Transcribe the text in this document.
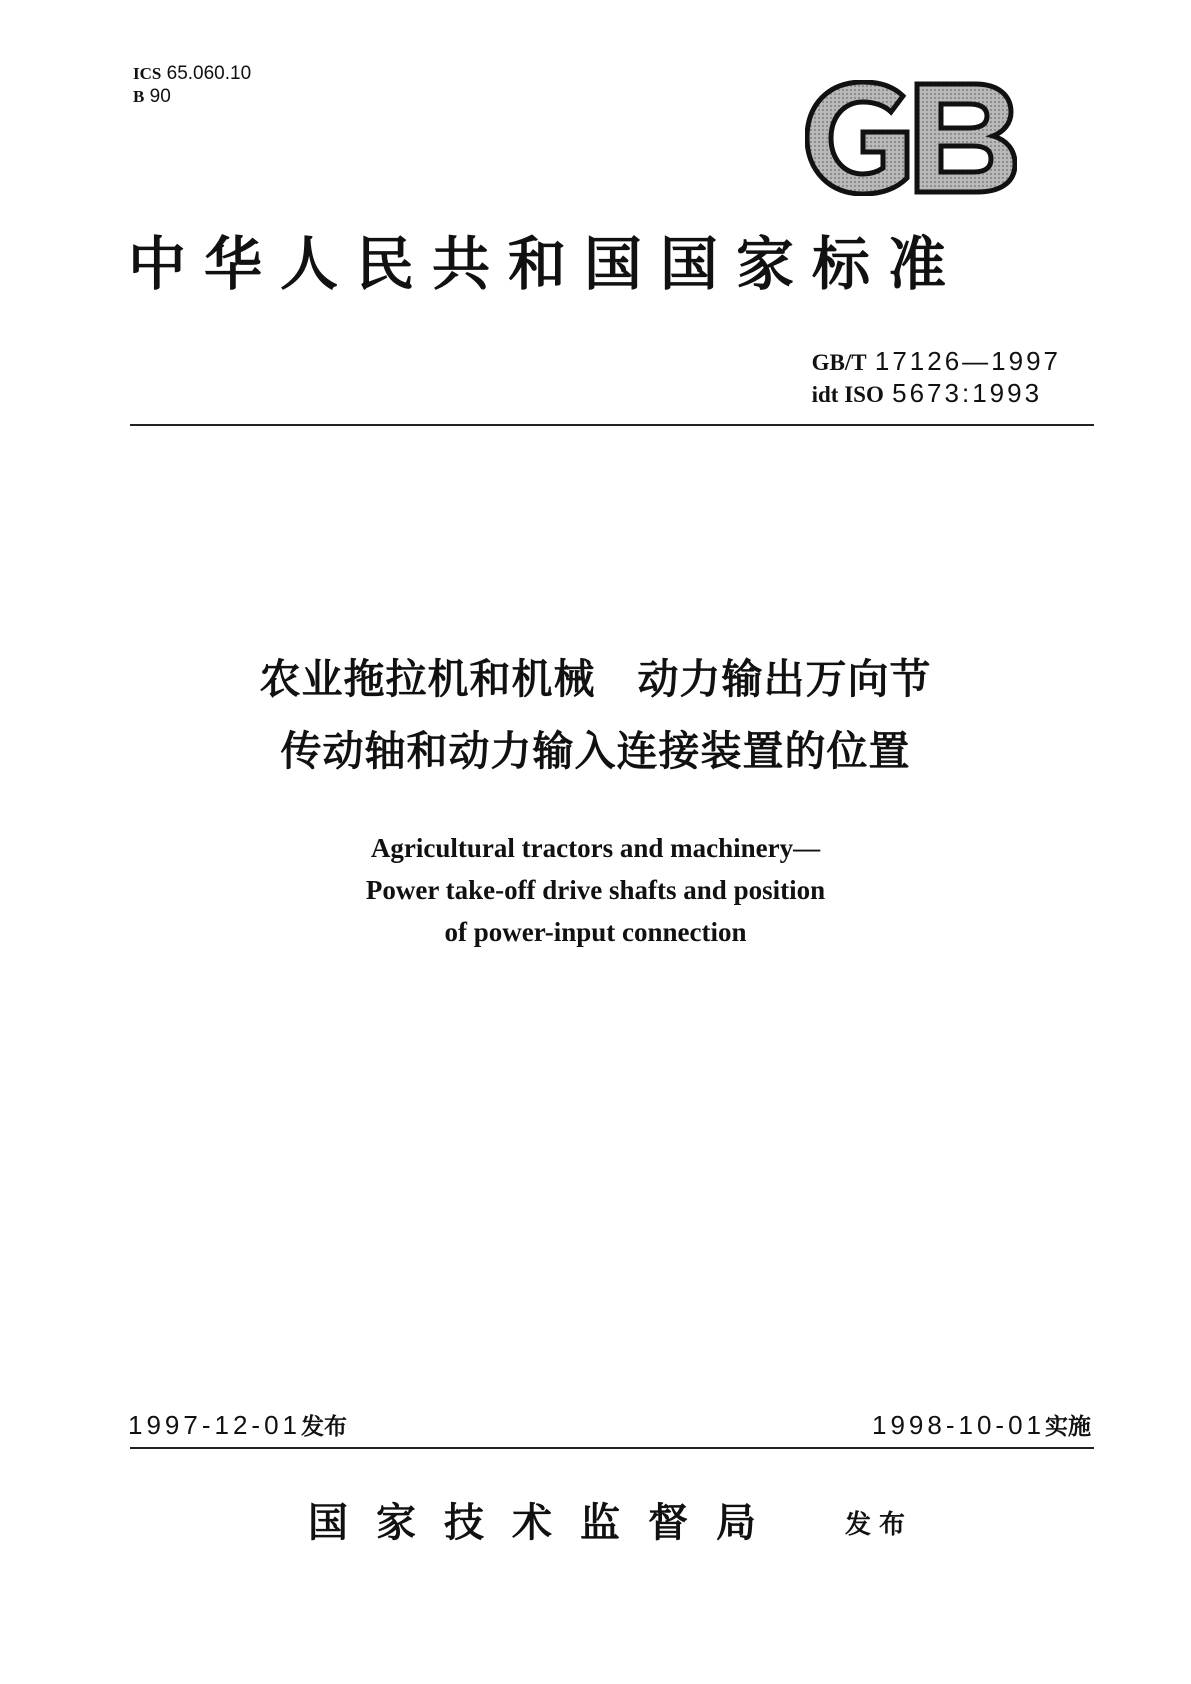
ICS 65.060.10
B 90
中华人民共和国国家标准
GB/T 17126—1997
idt ISO 5673:1993
农业拖拉机和机械　动力输出万向节
传动轴和动力输入连接装置的位置
Agricultural tractors and machinery—
Power take-off drive shafts and position
of power-input connection
1997-12-01发布	1998-10-01实施
国家技术监督局 发布
